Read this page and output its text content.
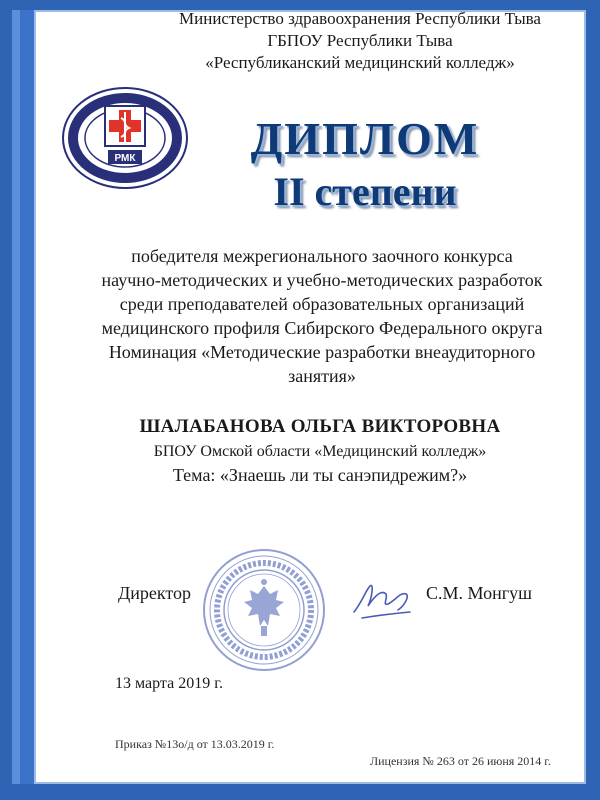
Министерство здравоохранения Республики Тыва
ГБПОУ Республики Тыва
«Республиканский медицинский колледж»
РМК	ДИПЛОМ
II степени
победителя межрегионального заочного конкурса
научно-методических и учебно-методических разработок
среди преподавателей образовательных организаций
медицинского профиля Сибирского Федерального округа
Номинация «Методические разработки внеаудиторного
занятия»
ШАЛАБАНОВА ОЛЬГА ВИКТОРОВНА
БПОУ Омской области «Медицинский колледж»
Тема: «Знаешь ли ты санэпидрежим?»
Директор	С.М. Монгуш
13 марта 2019 г.
Приказ №13о/д от 13.03.2019 г.
Лицензия № 263 от 26 июня 2014 г.
